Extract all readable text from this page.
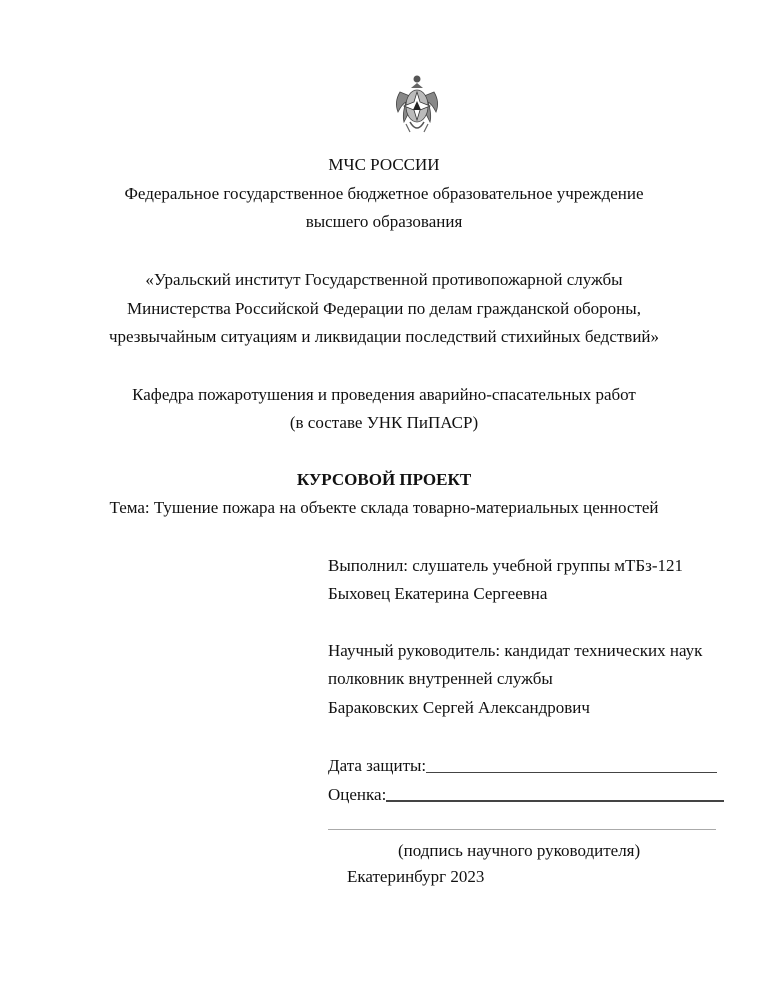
МЧС РОССИИ
Федеральное государственное бюджетное образовательное учреждение
высшего образования
«Уральский институт Государственной противопожарной службы
Министерства Российской Федерации по делам гражданской обороны,
чрезвычайным ситуациям и ликвидации последствий стихийных бедствий»
Кафедра пожаротушения и проведения аварийно-спасательных работ
(в составе УНК ПиПАСР)
КУРСОВОЙ ПРОЕКТ
Тема: Тушение пожара на объекте склада товарно-материальных ценностей
Выполнил: слушатель учебной группы мТБз-121
Быховец Екатерина Сергеевна
Научный руководитель: кандидат технических наук
полковник внутренней службы
Бараковских Сергей Александрович
Дата защиты:
Оценка:
(подпись научного руководителя)
Екатеринбург 2023
